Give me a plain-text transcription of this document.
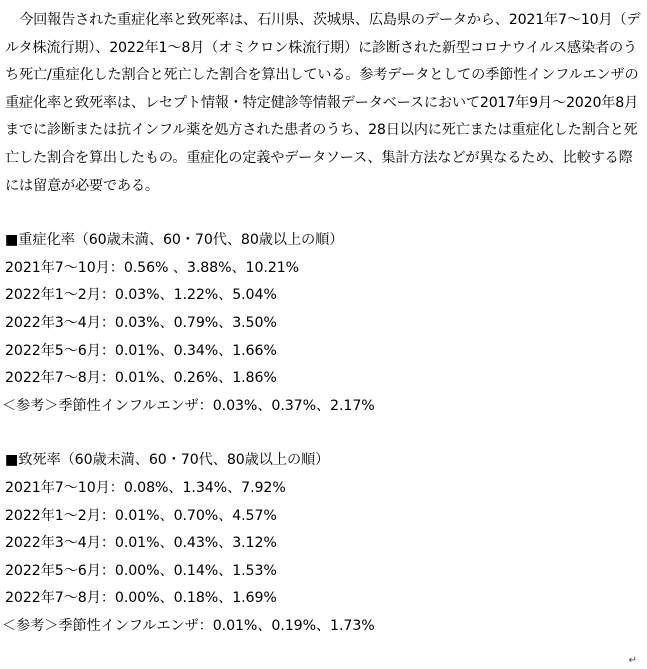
今回報告された重症化率と致死率は、石川県、茨城県、広島県のデータから、2021年7～10月（デルタ株流行期）、2022年1～8月（オミクロン株流行期）に診断された新型コロナウイルス感染者のうち死亡/重症化した割合と死亡した割合を算出している。参考データとしての季節性インフルエンザの重症化率と致死率は、レセプト情報・特定健診等情報データベースにおいて2017年9月～2020年8月までに診断または抗インフル薬を処方された患者のうち、28日以内に死亡または重症化した割合と死亡した割合を算出したもの。重症化の定義やデータソース、集計方法などが異なるため、比較する際には留意が必要である。

■重症化率（60歳未満、60・70代、80歳以上の順）
2021年7～10月：0.56% 、3.88%、10.21%
2022年1～2月：0.03%、1.22%、5.04%
2022年3～4月：0.03%、0.79%、3.50%
2022年5～6月：0.01%、0.34%、1.66%
2022年7～8月：0.01%、0.26%、1.86%
＜参考＞季節性インフルエンザ：0.03%、0.37%、2.17%
■致死率（60歳未満、60・70代、80歳以上の順）
2021年7～10月：0.08%、1.34%、7.92%
2022年1～2月：0.01%、0.70%、4.57%
2022年3～4月：0.01%、0.43%、3.12%
2022年5～6月：0.00%、0.14%、1.53%
2022年7～8月：0.00%、0.18%、1.69%
＜参考＞季節性インフルエンザ：0.01%、0.19%、1.73%
↵
